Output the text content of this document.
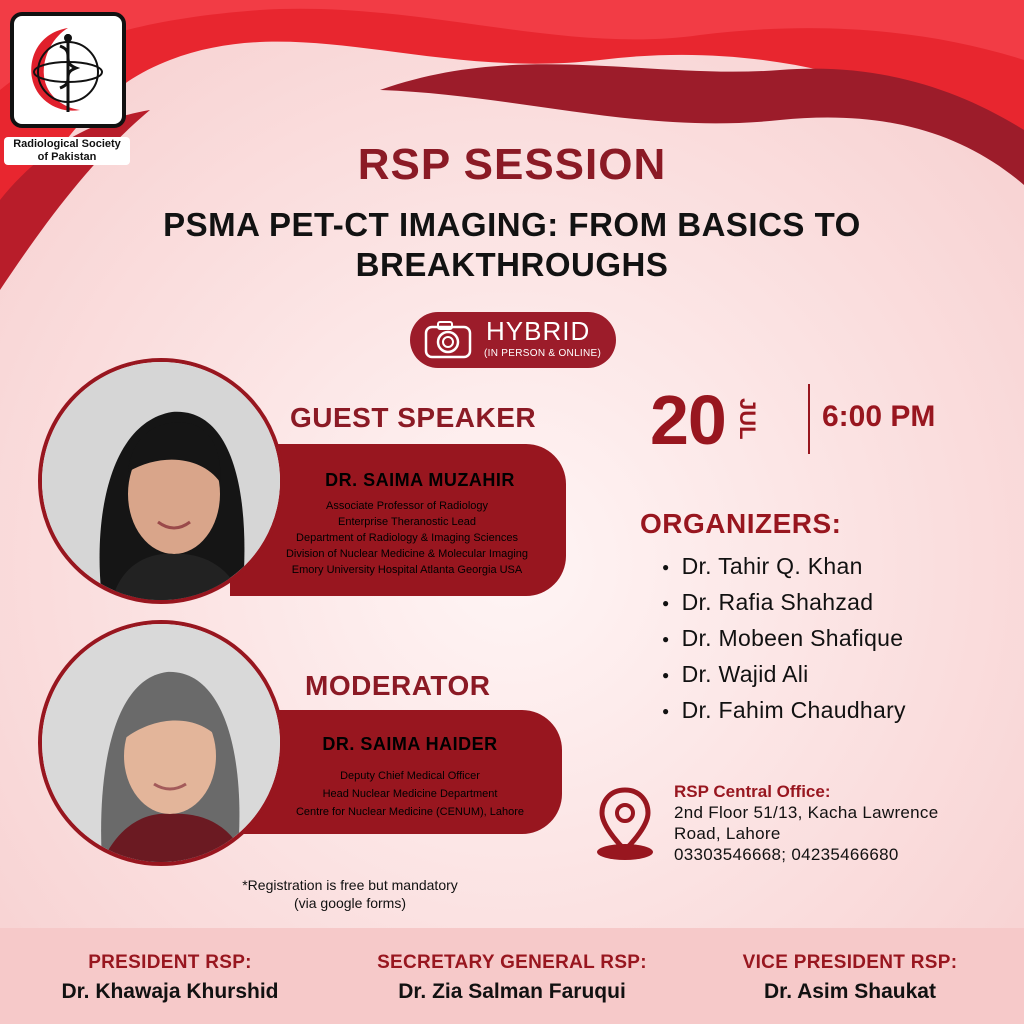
Radiological Society
of Pakistan	RSP SESSION
PSMA PET-CT IMAGING: FROM BASICS TO
BREAKTHROUGHS
HYBRID
(IN PERSON & ONLINE)
GUEST SPEAKER
DR. SAIMA MUZAHIR
Associate Professor of Radiology
Enterprise Theranostic Lead
Department of Radiology & Imaging Sciences
Division of Nuclear Medicine & Molecular Imaging
Emory University Hospital Atlanta Georgia USA
MODERATOR
DR. SAIMA HAIDER
Deputy Chief Medical Officer
Head Nuclear Medicine Department
Centre for Nuclear Medicine (CENUM), Lahore
20 JUL 6:00 PM
ORGANIZERS:
● Dr. Tahir Q. Khan
● Dr. Rafia Shahzad
● Dr. Mobeen Shafique
● Dr. Wajid Ali
● Dr. Fahim Chaudhary
RSP Central Office:
2nd Floor 51/13, Kacha Lawrence
Road, Lahore
03303546668; 04235466680
*Registration is free but mandatory
(via google forms)
PRESIDENT RSP:
Dr. Khawaja Khurshid
SECRETARY GENERAL RSP:
Dr. Zia Salman Faruqui
VICE PRESIDENT RSP:
Dr. Asim Shaukat
